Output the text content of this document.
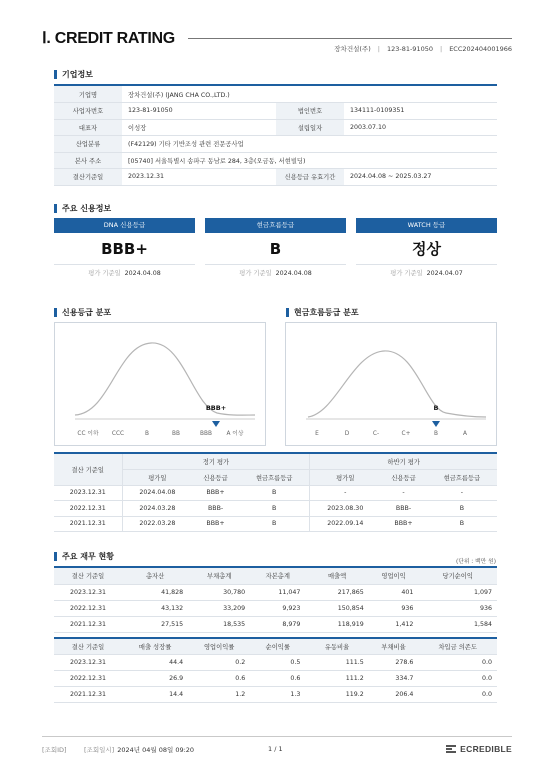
Ⅰ. CREDIT RATING
장차건설(주) | 123-81-91050 | ECC202404001966
기업정보
기업명	장차건설(주) (JANG CHA CO.,LTD.)		
사업자번호	123-81-91050	법인번호	134111-0109351
대표자	이성장	설립일자	2003.07.10
산업분류	(F42129) 기타 기반조성 관련 전문공사업		
본사 주소	[05740] 서울특별시 송파구 동남로 284, 3층(오금동, 서현빌딩)		
결산기준일	2023.12.31	신용등급 유효기간	2024.04.08 ~ 2025.03.27
주요 신용정보
DNA 신용등급
BBB+
평가 기준일 2024.04.08
현금흐름등급
B
평가 기준일 2024.04.08
WATCH 등급
정상
평가 기준일 2024.04.07
신용등급 분포	현금흐름등급 분포
BBB+
CC 이하 CCC	B	BB	BBB	A 이상
B
E	D	C-	C+	B	A
결산 기준일	정기 평가			하반기 평가		
	평가일	신용등급	현금흐름등급	평가일	신용등급	현금흐름등급
2023.12.31	2024.04.08	BBB+	B	-	-	-
2022.12.31	2024.03.28	BBB-	B	2023.08.30	BBB-	B
2021.12.31	2022.03.28	BBB+	B	2022.09.14	BBB+	B
주요 재무 현황
(단위 : 백만 원)
결산 기준일	총자산	부채총계	자본총계	매출액	영업이익	당기순이익
2023.12.31	41,828	30,780	11,047	217,865	401	1,097
2022.12.31	43,132	33,209	9,923	150,854	936	936
2021.12.31	27,515	18,535	8,979	118,919	1,412	1,584

결산 기준일	매출 성장률	영업이익률	순이익률	유동비율	부채비율	차입금 의존도
2023.12.31	44.4	0.2	0.5	111.5	278.6	0.0
2022.12.31	26.9	0.6	0.6	111.2	334.7	0.0
2021.12.31	14.4	1.2	1.3	119.2	206.4	0.0
[조회ID]	[조회일시] 2024년 04월 08일 09:20	1 / 1	ECREDIBLE
